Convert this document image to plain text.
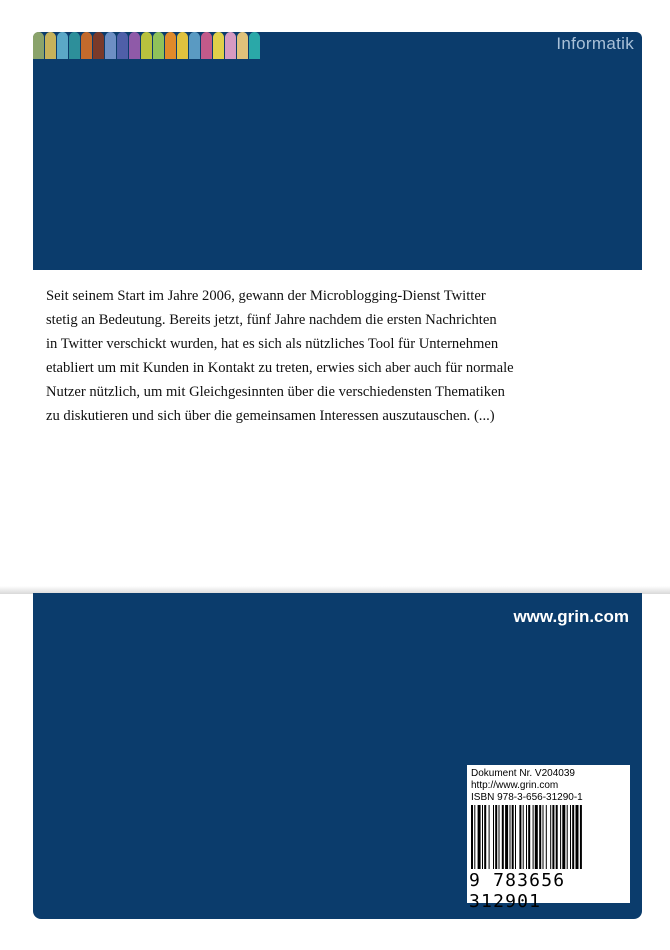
Informatik
Seit seinem Start im Jahre 2006, gewann der Microblogging-Dienst Twitter
stetig an Bedeutung. Bereits jetzt, fünf Jahre nachdem die ersten Nachrichten
in Twitter verschickt wurden, hat es sich als nützliches Tool für Unternehmen
etabliert um mit Kunden in Kontakt zu treten, erwies sich aber auch für normale
Nutzer nützlich, um mit Gleichgesinnten über die verschiedensten Thematiken
zu diskutieren und sich über die gemeinsamen Interessen auszutauschen. (...)
www.grin.com
Dokument Nr. V204039
http://www.grin.com
ISBN 978-3-656-31290-1
9 783656 312901
